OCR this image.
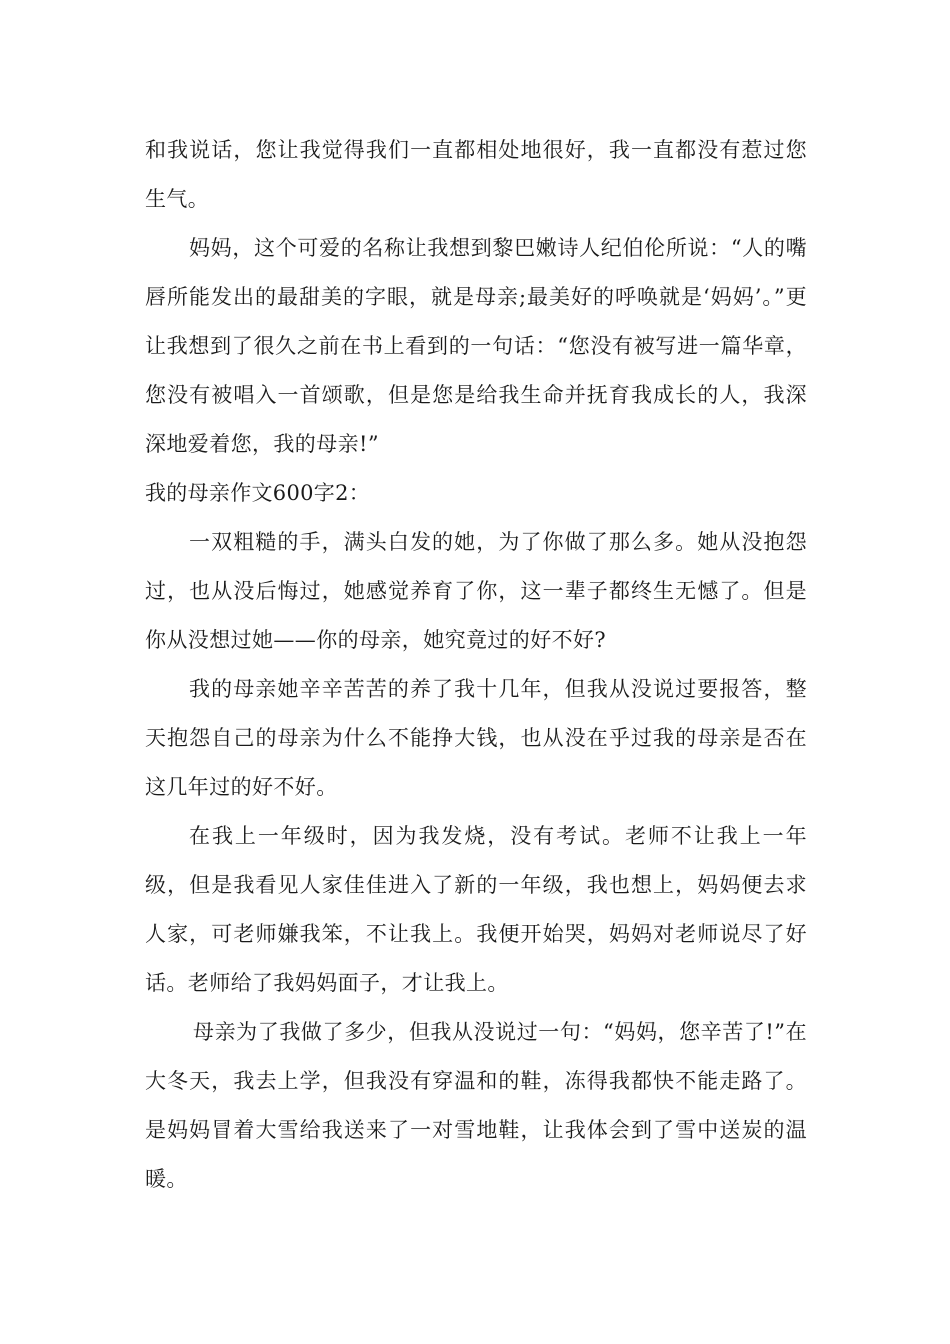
和我说话，您让我觉得我们一直都相处地很好，我一直都没有惹过您生气。

妈妈，这个可爱的名称让我想到黎巴嫩诗人纪伯伦所说：“人的嘴唇所能发出的最甜美的字眼，就是母亲;最美好的呼唤就是‘妈妈’。”更让我想到了很久之前在书上看到的一句话：“您没有被写进一篇华章，您没有被唱入一首颂歌，但是您是给我生命并抚育我成长的人，我深深地爱着您，我的母亲!”

我的母亲作文600字2：

一双粗糙的手，满头白发的她，为了你做了那么多。她从没抱怨过，也从没后悔过，她感觉养育了你，这一辈子都终生无憾了。但是你从没想过她——你的母亲，她究竟过的好不好?

我的母亲她辛辛苦苦的养了我十几年，但我从没说过要报答，整天抱怨自己的母亲为什么不能挣大钱，也从没在乎过我的母亲是否在这几年过的好不好。

在我上一年级时，因为我发烧，没有考试。老师不让我上一年级，但是我看见人家佳佳进入了新的一年级，我也想上，妈妈便去求人家，可老师嫌我笨，不让我上。我便开始哭，妈妈对老师说尽了好话。老师给了我妈妈面子，才让我上。

母亲为了我做了多少，但我从没说过一句：“妈妈，您辛苦了!”在大冬天，我去上学，但我没有穿温和的鞋，冻得我都快不能走路了。是妈妈冒着大雪给我送来了一对雪地鞋，让我体会到了雪中送炭的温暖。
